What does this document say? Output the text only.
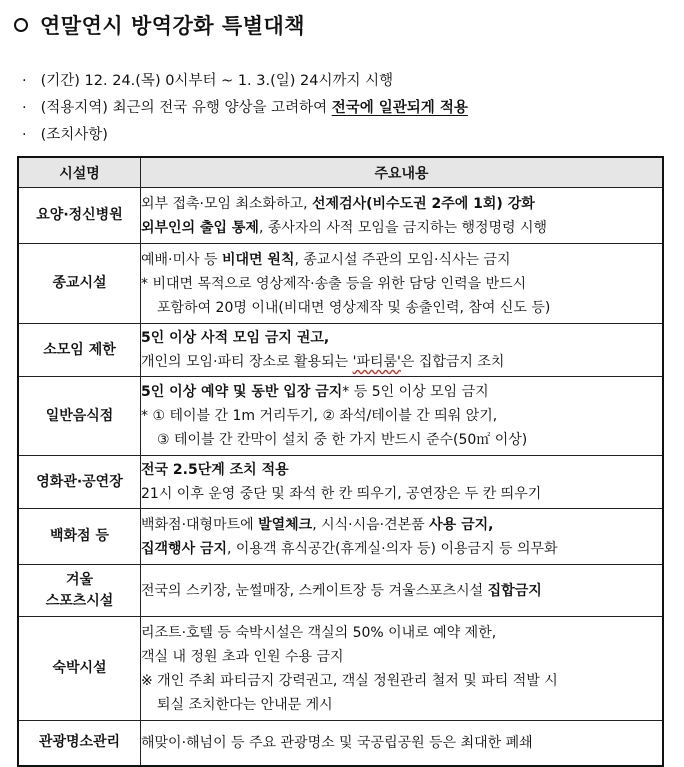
연말연시 방역강화 특별대책
· (기간) 12. 24.(목) 0시부터 ~ 1. 3.(일) 24시까지 시행
· (적용지역) 최근의 전국 유행 양상을 고려하여 전국에 일관되게 적용
· (조치사항)
시설명	주요내용
요양·정신병원	외부 접촉·모임 최소화하고, 선제검사(비수도권 2주에 1회) 강화
외부인의 출입 통제, 종사자의 사적 모임을 금지하는 행정명령 시행

종교시설	예배·미사 등 비대면 원칙, 종교시설 주관의 모임·식사는 금지
* 비대면 목적으로 영상제작·송출 등을 위한 담당 인력을 반드시
포함하여 20명 이내(비대면 영상제작 및 송출인력, 참여 신도 등)

소모임 제한	5인 이상 사적 모임 금지 권고,
개인의 모임·파티 장소로 활용되는 '파티룸'은 집합금지 조치

일반음식점	5인 이상 예약 및 동반 입장 금지* 등 5인 이상 모임 금지
* ① 테이블 간 1m 거리두기, ② 좌석/테이블 간 띄워 앉기,
③ 테이블 간 칸막이 설치 중 한 가지 반드시 준수(50㎡ 이상)

영화관·공연장	전국 2.5단계 조치 적용
21시 이후 운영 중단 및 좌석 한 칸 띄우기, 공연장은 두 칸 띄우기

백화점 등	백화점·대형마트에 발열체크, 시식·시음·견본품 사용 금지,
집객행사 금지, 이용객 휴식공간(휴게실·의자 등) 이용금지 등 의무화

겨울
스포츠시설	전국의 스키장, 눈썰매장, 스케이트장 등 겨울스포츠시설 집합금지

숙박시설	리조트·호텔 등 숙박시설은 객실의 50% 이내로 예약 제한,
객실 내 정원 초과 인원 수용 금지
※ 개인 주최 파티금지 강력권고, 객실 정원관리 철저 및 파티 적발 시
퇴실 조치한다는 안내문 게시

관광명소관리	해맞이·해넘이 등 주요 관광명소 및 국공립공원 등은 최대한 폐쇄
